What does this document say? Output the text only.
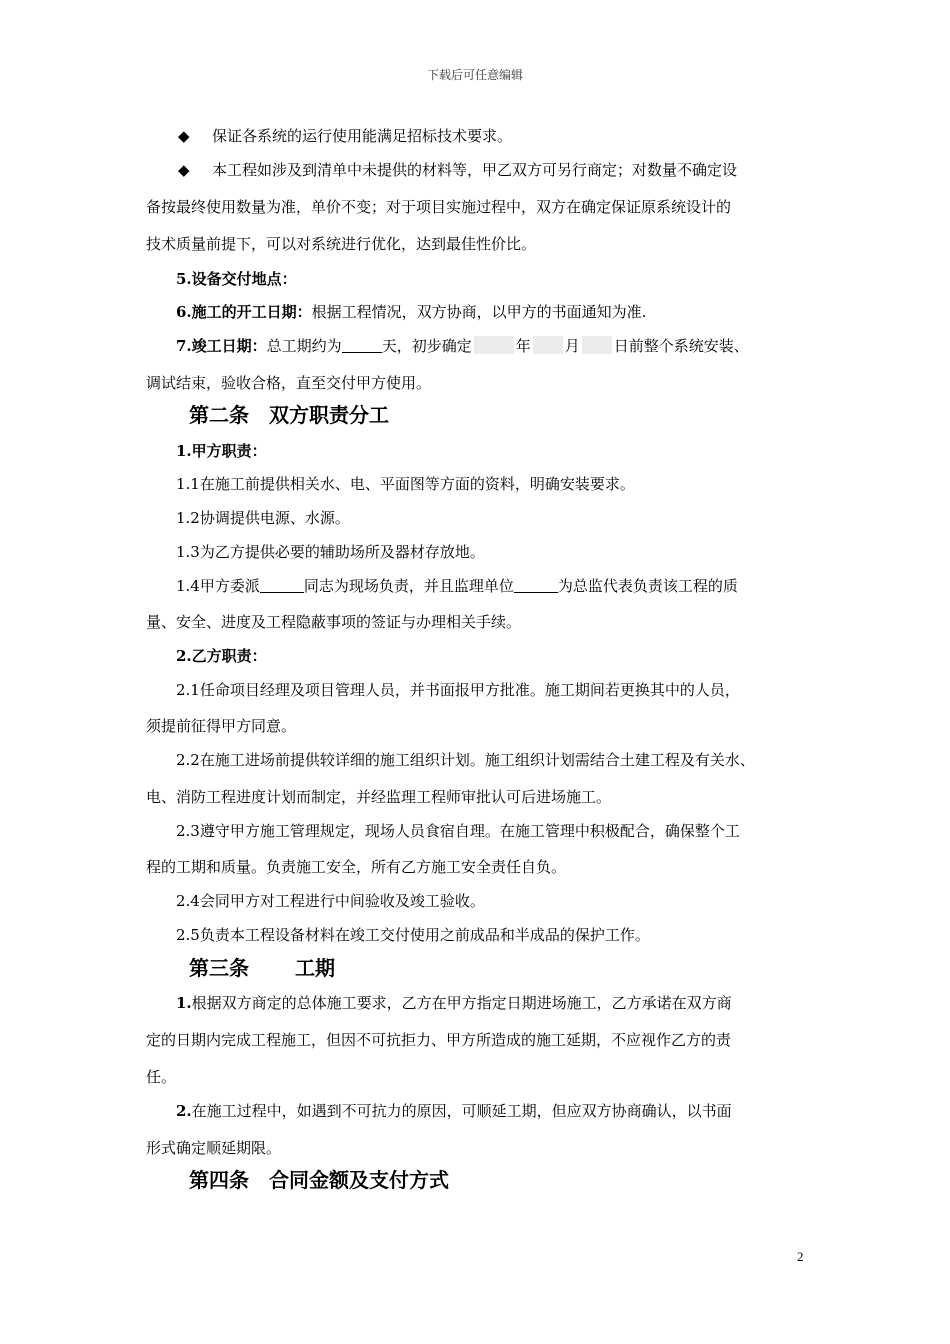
下载后可任意编辑
◆ 保证各系统的运行使用能满足招标技术要求。
◆ 本工程如涉及到清单中未提供的材料等，甲乙双方可另行商定；对数量不确定设
备按最终使用数量为准，单价不变；对于项目实施过程中，双方在确定保证原系统设计的
技术质量前提下，可以对系统进行优化，达到最佳性价比。
5.设备交付地点：
6.施工的开工日期：根据工程情况，双方协商，以甲方的书面通知为准.
7.竣工日期：总工期约为	天，初步确定	年 月 日前整个系统安装、
调试结束，验收合格，直至交付甲方使用。
第二条　双方职责分工
1.甲方职责：
1.1在施工前提供相关水、电、平面图等方面的资料，明确安装要求。
1.2协调提供电源、水源。
1.3为乙方提供必要的辅助场所及器材存放地。
1.4甲方委派	同志为现场负责，并且监理单位	为总监代表负责该工程的质
量、安全、进度及工程隐蔽事项的签证与办理相关手续。
2.乙方职责：
2.1任命项目经理及项目管理人员，并书面报甲方批准。施工期间若更换其中的人员，
须提前征得甲方同意。
2.2在施工进场前提供较详细的施工组织计划。施工组织计划需结合土建工程及有关水、
电、消防工程进度计划而制定，并经监理工程师审批认可后进场施工。
2.3遵守甲方施工管理规定，现场人员食宿自理。在施工管理中积极配合，确保整个工
程的工期和质量。负责施工安全，所有乙方施工安全责任自负。
2.4会同甲方对工程进行中间验收及竣工验收。
2.5负责本工程设备材料在竣工交付使用之前成品和半成品的保护工作。
第三条 工期
1.根据双方商定的总体施工要求，乙方在甲方指定日期进场施工，乙方承诺在双方商
定的日期内完成工程施工，但因不可抗拒力、甲方所造成的施工延期，不应视作乙方的责
任。
2.在施工过程中，如遇到不可抗力的原因，可顺延工期，但应双方协商确认，以书面
形式确定顺延期限。
第四条　合同金额及支付方式
2
